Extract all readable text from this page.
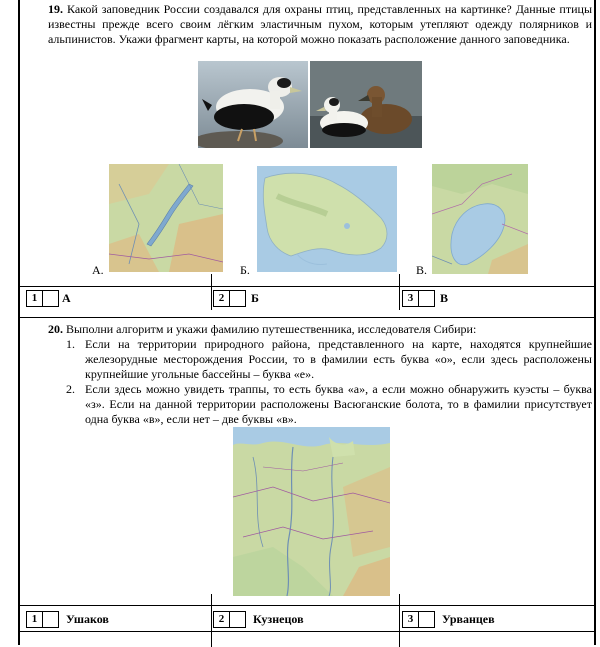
19. Какой заповедник России создавался для охраны птиц, представленных на картинке? Данные птицы известны прежде всего своим лёгким эластичным пухом, которым утепляют одежду полярников и альпинистов. Укажи фрагмент карты, на которой можно показать расположение данного заповедника.
А.	Б.	В.
1	А	2	Б	3	В
20. Выполни алгоритм и укажи фамилию путешественника, исследователя Сибири:
1. Если на территории природного района, представленного на карте, находятся крупнейшие железорудные месторождения России, то в фамилии есть буква «о», если здесь расположены крупнейшие угольные бассейны – буква «е».
2. Если здесь можно увидеть траппы, то есть буква «а», а если можно обнаружить куэсты – буква «з». Если на данной территории расположены Васюганские болота, то в фамилии присутствует одна буква «в», если нет – две буквы «в».
1	Ушаков	2	Кузнецов	3	Урванцев
